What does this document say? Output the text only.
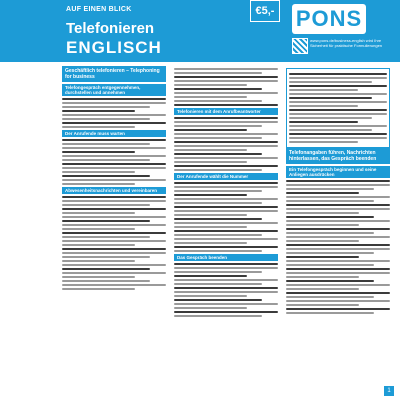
AUF EINEN BLICK	€5,-
Telefonieren
ENGLISCH
PONS
www.pons.de/business-english wird Ihre Sicherheit für praktische Formulierungen
Geschäftlich telefonieren – Telephoning for business
Telefongespräch entgegennehmen, durchstellen und annehmen
Der Anrufende muss warten
Abwesenheitsnachrichten und vereinbaren
Telefonieren mit dem Anrufbeantworter
Der Anrufende wählt die Nummer
Das Gespräch beenden
Telefonangaben führen, Nachrichten hinterlassen, das Gespräch beenden
Ein Telefongespräch beginnen und seine Anliegen ausdrücken
1
